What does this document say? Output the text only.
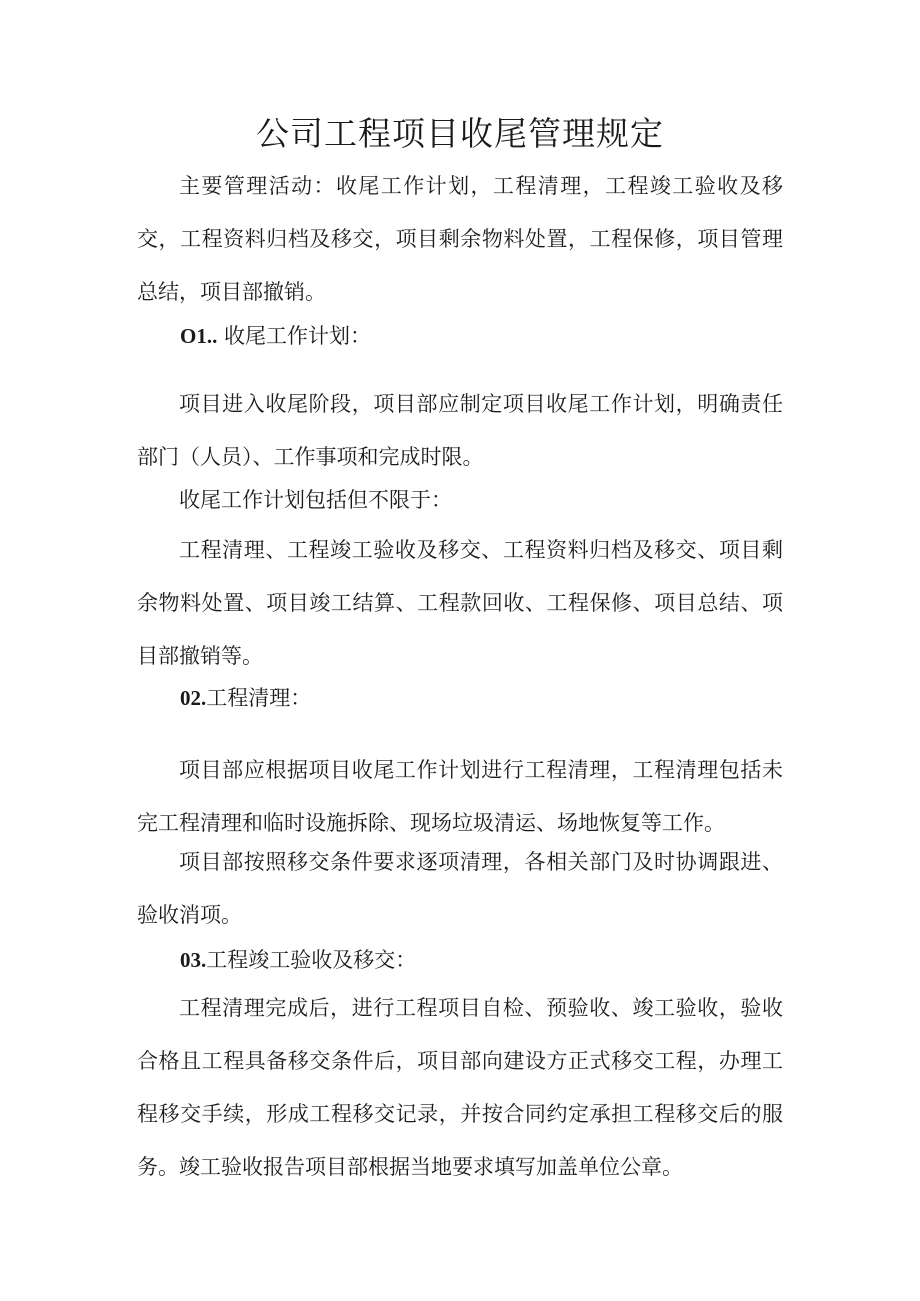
公司工程项目收尾管理规定

主要管理活动：收尾工作计划，工程清理，工程竣工验收及移交，工程资料归档及移交，项目剩余物料处置，工程保修，项目管理总结，项目部撤销。

O1.. 收尾工作计划：

项目进入收尾阶段，项目部应制定项目收尾工作计划，明确责任部门（人员）、工作事项和完成时限。

收尾工作计划包括但不限于：

工程清理、工程竣工验收及移交、工程资料归档及移交、项目剩余物料处置、项目竣工结算、工程款回收、工程保修、项目总结、项目部撤销等。

02.工程清理：

项目部应根据项目收尾工作计划进行工程清理，工程清理包括未完工程清理和临时设施拆除、现场垃圾清运、场地恢复等工作。

项目部按照移交条件要求逐项清理，各相关部门及时协调跟进、验收消项。

03.工程竣工验收及移交：

工程清理完成后，进行工程项目自检、预验收、竣工验收，验收合格且工程具备移交条件后，项目部向建设方正式移交工程，办理工程移交手续，形成工程移交记录，并按合同约定承担工程移交后的服务。竣工验收报告项目部根据当地要求填写加盖单位公章。
